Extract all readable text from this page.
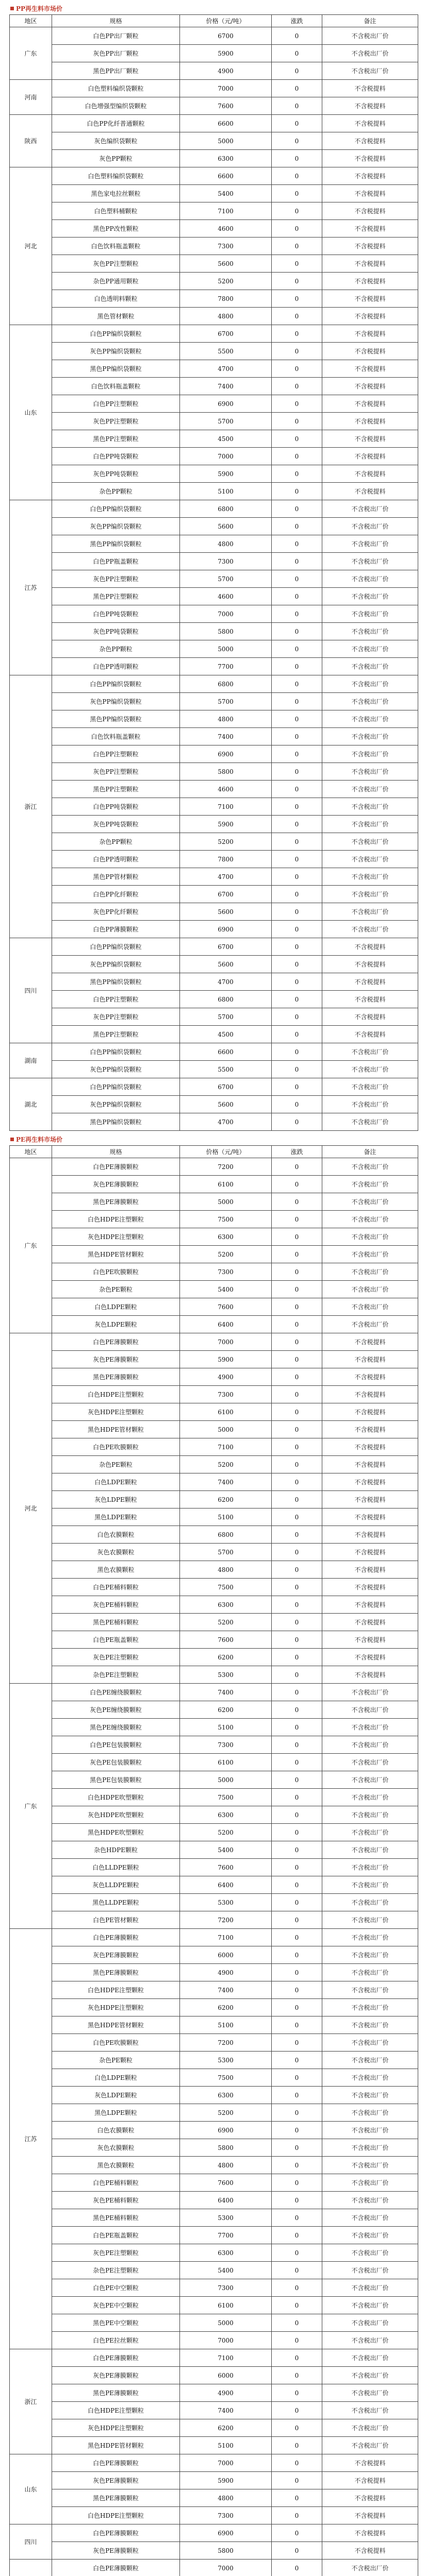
PP再生料市场价
地区	规格	价格（元/吨）	涨跌	备注
广东	白色PP出厂颗粒	6700	0	不含税出厂价
	灰色PP出厂颗粒	5900	0	不含税出厂价
	黑色PP出厂颗粒	4900	0	不含税出厂价
河南	白色塑料编织袋颗粒	7000	0	不含税提料
	白色增强型编织袋颗粒	7600	0	不含税提料
陕西	白色PP化纤普通颗粒	6600	0	不含税提料
	灰色编织袋颗粒	5000	0	不含税提料
	灰色PP颗粒	6300	0	不含税提料
河北	白色塑料编织袋颗粒	6600	0	不含税提料
	黑色家电拉丝颗粒	5400	0	不含税提料
	白色塑料桶颗粒	7100	0	不含税提料
	黑色PP改性颗粒	4600	0	不含税提料
	白色饮料瓶盖颗粒	7300	0	不含税提料
	灰色PP注塑颗粒	5600	0	不含税提料
	杂色PP通用颗粒	5200	0	不含税提料
	白色透明料颗粒	7800	0	不含税提料
	黑色管材颗粒	4800	0	不含税提料
山东	白色PP编织袋颗粒	6700	0	不含税提料
	灰色PP编织袋颗粒	5500	0	不含税提料
	黑色PP编织袋颗粒	4700	0	不含税提料
	白色饮料瓶盖颗粒	7400	0	不含税提料
	白色PP注塑颗粒	6900	0	不含税提料
	灰色PP注塑颗粒	5700	0	不含税提料
	黑色PP注塑颗粒	4500	0	不含税提料
	白色PP吨袋颗粒	7000	0	不含税提料
	灰色PP吨袋颗粒	5900	0	不含税提料
	杂色PP颗粒	5100	0	不含税提料
江苏	白色PP编织袋颗粒	6800	0	不含税出厂价
	灰色PP编织袋颗粒	5600	0	不含税出厂价
	黑色PP编织袋颗粒	4800	0	不含税出厂价
	白色PP瓶盖颗粒	7300	0	不含税出厂价
	灰色PP注塑颗粒	5700	0	不含税出厂价
	黑色PP注塑颗粒	4600	0	不含税出厂价
	白色PP吨袋颗粒	7000	0	不含税出厂价
	灰色PP吨袋颗粒	5800	0	不含税出厂价
	杂色PP颗粒	5000	0	不含税出厂价
	白色PP透明颗粒	7700	0	不含税出厂价
浙江	白色PP编织袋颗粒	6800	0	不含税出厂价
	灰色PP编织袋颗粒	5700	0	不含税出厂价
	黑色PP编织袋颗粒	4800	0	不含税出厂价
	白色饮料瓶盖颗粒	7400	0	不含税出厂价
	白色PP注塑颗粒	6900	0	不含税出厂价
	灰色PP注塑颗粒	5800	0	不含税出厂价
	黑色PP注塑颗粒	4600	0	不含税出厂价
	白色PP吨袋颗粒	7100	0	不含税出厂价
	灰色PP吨袋颗粒	5900	0	不含税出厂价
	杂色PP颗粒	5200	0	不含税出厂价
	白色PP透明颗粒	7800	0	不含税出厂价
	黑色PP管材颗粒	4700	0	不含税出厂价
	白色PP化纤颗粒	6700	0	不含税出厂价
	灰色PP化纤颗粒	5600	0	不含税出厂价
	白色PP薄膜颗粒	6900	0	不含税出厂价
四川	白色PP编织袋颗粒	6700	0	不含税提料
	灰色PP编织袋颗粒	5600	0	不含税提料
	黑色PP编织袋颗粒	4700	0	不含税提料
	白色PP注塑颗粒	6800	0	不含税提料
	灰色PP注塑颗粒	5700	0	不含税提料
	黑色PP注塑颗粒	4500	0	不含税提料
湖南	白色PP编织袋颗粒	6600	0	不含税出厂价
	灰色PP编织袋颗粒	5500	0	不含税出厂价
湖北	白色PP编织袋颗粒	6700	0	不含税出厂价
	灰色PP编织袋颗粒	5600	0	不含税出厂价
	黑色PP编织袋颗粒	4700	0	不含税出厂价
PE再生料市场价
地区	规格	价格（元/吨）	涨跌	备注
广东	白色PE薄膜颗粒	7200	0	不含税出厂价
	灰色PE薄膜颗粒	6100	0	不含税出厂价
	黑色PE薄膜颗粒	5000	0	不含税出厂价
	白色HDPE注塑颗粒	7500	0	不含税出厂价
	灰色HDPE注塑颗粒	6300	0	不含税出厂价
	黑色HDPE管材颗粒	5200	0	不含税出厂价
	白色PE吹膜颗粒	7300	0	不含税出厂价
	杂色PE颗粒	5400	0	不含税出厂价
	白色LDPE颗粒	7600	0	不含税出厂价
	灰色LDPE颗粒	6400	0	不含税出厂价
河北	白色PE薄膜颗粒	7000	0	不含税提料
	灰色PE薄膜颗粒	5900	0	不含税提料
	黑色PE薄膜颗粒	4900	0	不含税提料
	白色HDPE注塑颗粒	7300	0	不含税提料
	灰色HDPE注塑颗粒	6100	0	不含税提料
	黑色HDPE管材颗粒	5000	0	不含税提料
	白色PE吹膜颗粒	7100	0	不含税提料
	杂色PE颗粒	5200	0	不含税提料
	白色LDPE颗粒	7400	0	不含税提料
	灰色LDPE颗粒	6200	0	不含税提料
	黑色LDPE颗粒	5100	0	不含税提料
	白色农膜颗粒	6800	0	不含税提料
	灰色农膜颗粒	5700	0	不含税提料
	黑色农膜颗粒	4800	0	不含税提料
	白色PE桶料颗粒	7500	0	不含税提料
	灰色PE桶料颗粒	6300	0	不含税提料
	黑色PE桶料颗粒	5200	0	不含税提料
	白色PE瓶盖颗粒	7600	0	不含税提料
	灰色PE注塑颗粒	6200	0	不含税提料
	杂色PE注塑颗粒	5300	0	不含税提料
广东	白色PE缠绕膜颗粒	7400	0	不含税出厂价
	灰色PE缠绕膜颗粒	6200	0	不含税出厂价
	黑色PE缠绕膜颗粒	5100	0	不含税出厂价
	白色PE包装膜颗粒	7300	0	不含税出厂价
	灰色PE包装膜颗粒	6100	0	不含税出厂价
	黑色PE包装膜颗粒	5000	0	不含税出厂价
	白色HDPE吹塑颗粒	7500	0	不含税出厂价
	灰色HDPE吹塑颗粒	6300	0	不含税出厂价
	黑色HDPE吹塑颗粒	5200	0	不含税出厂价
	杂色HDPE颗粒	5400	0	不含税出厂价
	白色LLDPE颗粒	7600	0	不含税出厂价
	灰色LLDPE颗粒	6400	0	不含税出厂价
	黑色LLDPE颗粒	5300	0	不含税出厂价
	白色PE管材颗粒	7200	0	不含税出厂价
江苏	白色PE薄膜颗粒	7100	0	不含税出厂价
	灰色PE薄膜颗粒	6000	0	不含税出厂价
	黑色PE薄膜颗粒	4900	0	不含税出厂价
	白色HDPE注塑颗粒	7400	0	不含税出厂价
	灰色HDPE注塑颗粒	6200	0	不含税出厂价
	黑色HDPE管材颗粒	5100	0	不含税出厂价
	白色PE吹膜颗粒	7200	0	不含税出厂价
	杂色PE颗粒	5300	0	不含税出厂价
	白色LDPE颗粒	7500	0	不含税出厂价
	灰色LDPE颗粒	6300	0	不含税出厂价
	黑色LDPE颗粒	5200	0	不含税出厂价
	白色农膜颗粒	6900	0	不含税出厂价
	灰色农膜颗粒	5800	0	不含税出厂价
	黑色农膜颗粒	4800	0	不含税出厂价
	白色PE桶料颗粒	7600	0	不含税出厂价
	灰色PE桶料颗粒	6400	0	不含税出厂价
	黑色PE桶料颗粒	5300	0	不含税出厂价
	白色PE瓶盖颗粒	7700	0	不含税出厂价
	灰色PE注塑颗粒	6300	0	不含税出厂价
	杂色PE注塑颗粒	5400	0	不含税出厂价
	白色PE中空颗粒	7300	0	不含税出厂价
	灰色PE中空颗粒	6100	0	不含税出厂价
	黑色PE中空颗粒	5000	0	不含税出厂价
	白色PE拉丝颗粒	7000	0	不含税出厂价
浙江	白色PE薄膜颗粒	7100	0	不含税出厂价
	灰色PE薄膜颗粒	6000	0	不含税出厂价
	黑色PE薄膜颗粒	4900	0	不含税出厂价
	白色HDPE注塑颗粒	7400	0	不含税出厂价
	灰色HDPE注塑颗粒	6200	0	不含税出厂价
	黑色HDPE管材颗粒	5100	0	不含税出厂价
山东	白色PE薄膜颗粒	7000	0	不含税提料
	灰色PE薄膜颗粒	5900	0	不含税提料
	黑色PE薄膜颗粒	4800	0	不含税提料
	白色HDPE注塑颗粒	7300	0	不含税提料
四川	白色PE薄膜颗粒	6900	0	不含税提料
	灰色PE薄膜颗粒	5800	0	不含税提料
	白色PE薄膜颗粒	7000	0	不含税出厂价
